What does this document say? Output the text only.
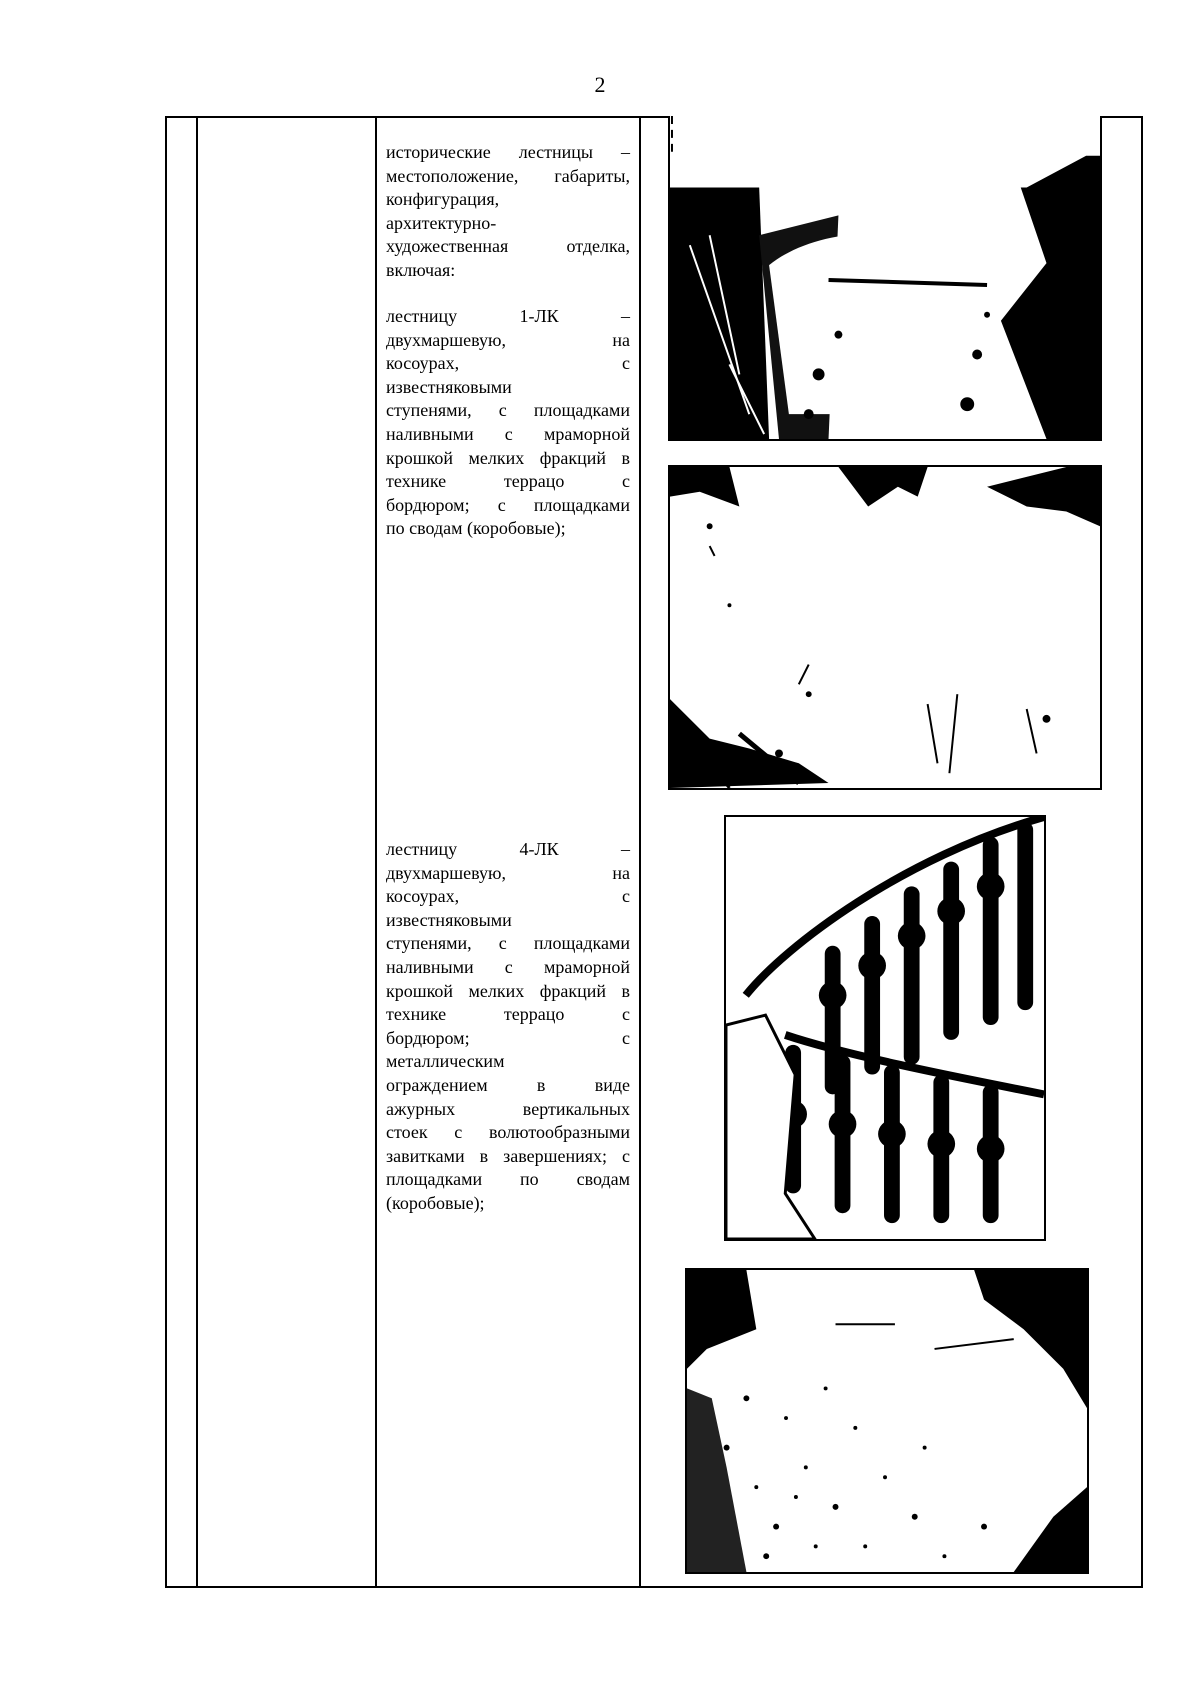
2

исторические лестницы –

местоположение, габариты,

конфигурация,

архитектурно-

художественная отделка,

включая:

лестницу 1-ЛК –

двухмаршевую, на

косоурах, с

известняковыми

ступенями, с площадками

наливными с мраморной

крошкой мелких фракций в

технике террацо с

бордюром; с площадками

по сводам (коробовые);

лестницу 4-ЛК –

двухмаршевую, на

косоурах, с

известняковыми

ступенями, с площадками

наливными с мраморной

крошкой мелких фракций в

технике террацо с

бордюром; с

металлическим

ограждением в виде

ажурных вертикальных

стоек с волютообразными

завитками в завершениях; с

площадками по сводам

(коробовые);
